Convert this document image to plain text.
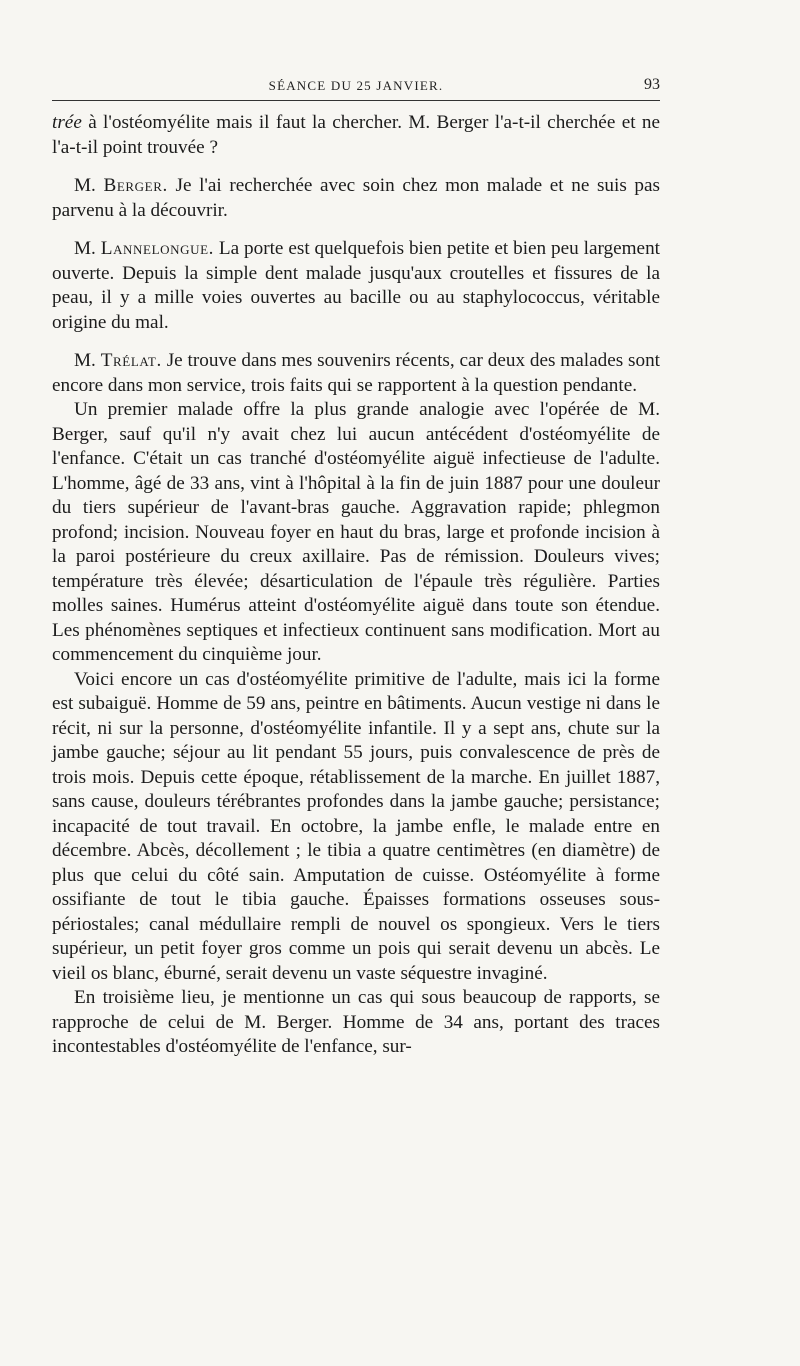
SÉANCE DU 25 JANVIER.	93

trée à l'ostéomyélite mais il faut la chercher. M. Berger l'a-t-il cherchée et ne l'a-t-il point trouvée ?

M. Berger. Je l'ai recherchée avec soin chez mon malade et ne suis pas parvenu à la découvrir.

M. Lannelongue. La porte est quelquefois bien petite et bien peu largement ouverte. Depuis la simple dent malade jusqu'aux croutelles et fissures de la peau, il y a mille voies ouvertes au bacille ou au staphylococcus, véritable origine du mal.

M. Trélat. Je trouve dans mes souvenirs récents, car deux des malades sont encore dans mon service, trois faits qui se rapportent à la question pendante.

Un premier malade offre la plus grande analogie avec l'opérée de M. Berger, sauf qu'il n'y avait chez lui aucun antécédent d'ostéomyélite de l'enfance. C'était un cas tranché d'ostéomyélite aiguë infectieuse de l'adulte. L'homme, âgé de 33 ans, vint à l'hôpital à la fin de juin 1887 pour une douleur du tiers supérieur de l'avant-bras gauche. Aggravation rapide; phlegmon profond; incision. Nouveau foyer en haut du bras, large et profonde incision à la paroi postérieure du creux axillaire. Pas de rémission. Douleurs vives; température très élevée; désarticulation de l'épaule très régulière. Parties molles saines. Humérus atteint d'ostéomyélite aiguë dans toute son étendue. Les phénomènes septiques et infectieux continuent sans modification. Mort au commencement du cinquième jour.

Voici encore un cas d'ostéomyélite primitive de l'adulte, mais ici la forme est subaiguë. Homme de 59 ans, peintre en bâtiments. Aucun vestige ni dans le récit, ni sur la personne, d'ostéomyélite infantile. Il y a sept ans, chute sur la jambe gauche; séjour au lit pendant 55 jours, puis convalescence de près de trois mois. Depuis cette époque, rétablissement de la marche. En juillet 1887, sans cause, douleurs térébrantes profondes dans la jambe gauche; persistance; incapacité de tout travail. En octobre, la jambe enfle, le malade entre en décembre. Abcès, décollement ; le tibia a quatre centimètres (en diamètre) de plus que celui du côté sain. Amputation de cuisse. Ostéomyélite à forme ossifiante de tout le tibia gauche. Épaisses formations osseuses sous-périostales; canal médullaire rempli de nouvel os spongieux. Vers le tiers supérieur, un petit foyer gros comme un pois qui serait devenu un abcès. Le vieil os blanc, éburné, serait devenu un vaste séquestre invaginé.

En troisième lieu, je mentionne un cas qui sous beaucoup de rapports, se rapproche de celui de M. Berger. Homme de 34 ans, portant des traces incontestables d'ostéomyélite de l'enfance, sur-
